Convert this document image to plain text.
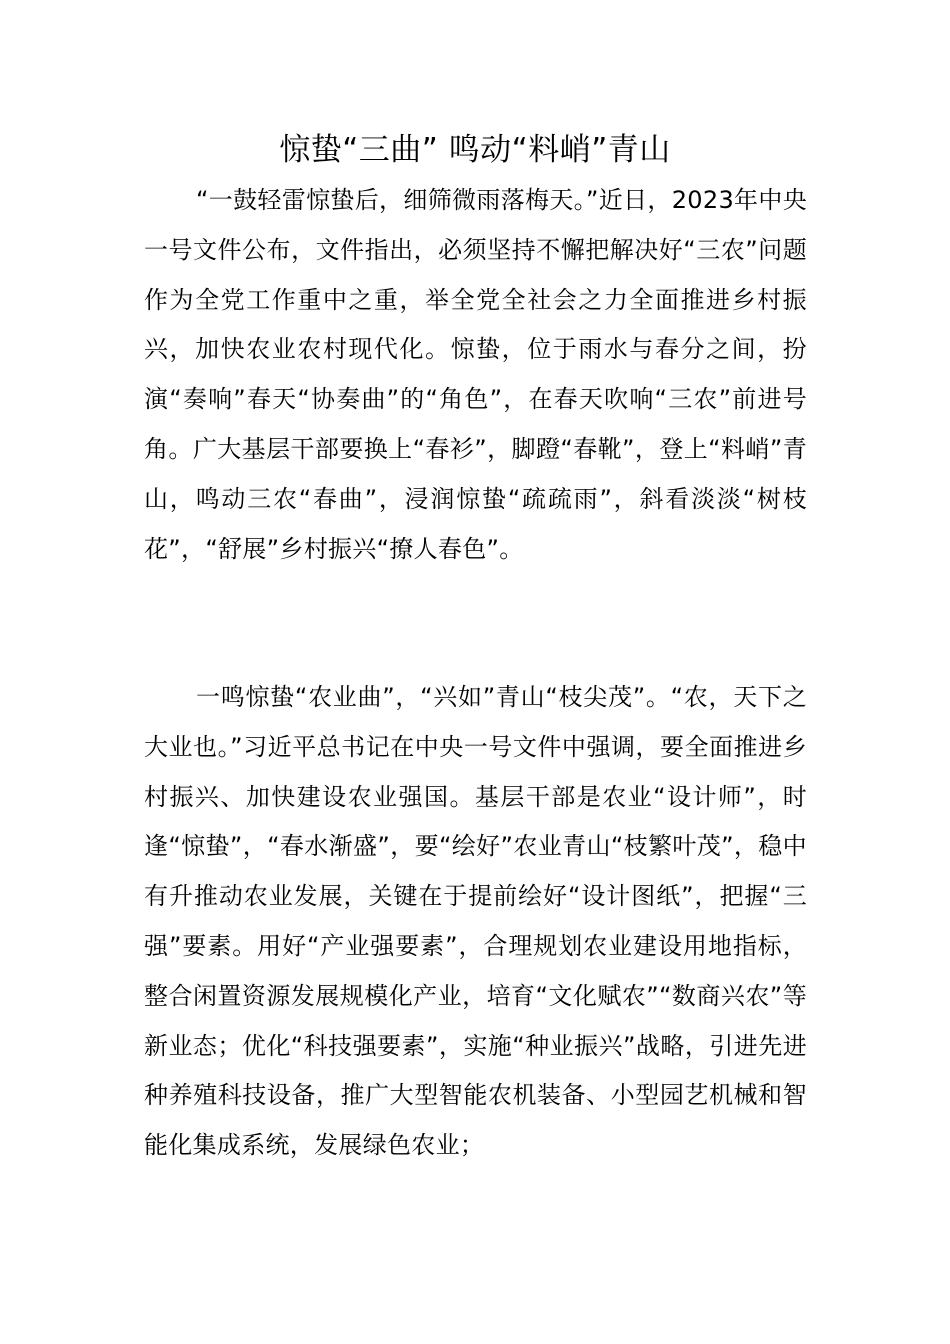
惊蛰“三曲” 鸣动“料峭”青山

“一鼓轻雷惊蛰后，细筛微雨落梅天。”近日，2023年中央一号文件公布，文件指出，必须坚持不懈把解决好“三农”问题作为全党工作重中之重，举全党全社会之力全面推进乡村振兴，加快农业农村现代化。惊蛰，位于雨水与春分之间，扮演“奏响”春天“协奏曲”的“角色”，在春天吹响“三农”前进号角。广大基层干部要换上“春衫”，脚蹬“春靴”，登上“料峭”青山，鸣动三农“春曲”，浸润惊蛰“疏疏雨”，斜看淡淡“树枝花”，“舒展”乡村振兴“撩人春色”。

一鸣惊蛰“农业曲”，“兴如”青山“枝尖茂”。“农，天下之大业也。”习近平总书记在中央一号文件中强调，要全面推进乡村振兴、加快建设农业强国。基层干部是农业“设计师”，时逢“惊蛰”，“春水渐盛”，要“绘好”农业青山“枝繁叶茂”，稳中有升推动农业发展，关键在于提前绘好“设计图纸”，把握“三强”要素。用好“产业强要素”，合理规划农业建设用地指标，整合闲置资源发展规模化产业，培育“文化赋农”“数商兴农”等新业态；优化“科技强要素”，实施“种业振兴”战略，引进先进种养殖科技设备，推广大型智能农机装备、小型园艺机械和智能化集成系统，发展绿色农业；
